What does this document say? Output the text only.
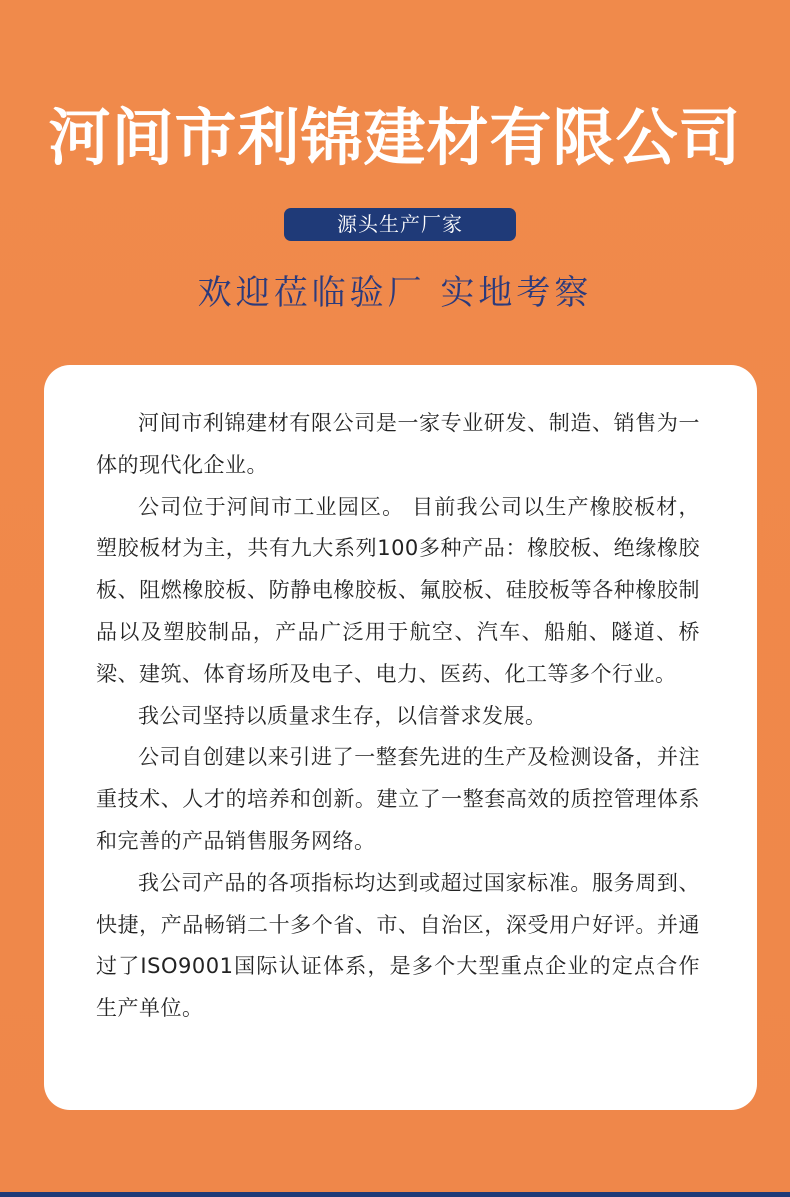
河间市利锦建材有限公司
源头生产厂家
欢迎莅临验厂 实地考察

河间市利锦建材有限公司是一家专业研发、制造、销售为一体的现代化企业。

公司位于河间市工业园区。 目前我公司以生产橡胶板材，塑胶板材为主，共有九大系列100多种产品：橡胶板、绝缘橡胶板、阻燃橡胶板、防静电橡胶板、氟胶板、硅胶板等各种橡胶制品以及塑胶制品，产品广泛用于航空、汽车、船舶、隧道、桥梁、建筑、体育场所及电子、电力、医药、化工等多个行业。

我公司坚持以质量求生存，以信誉求发展。

公司自创建以来引进了一整套先进的生产及检测设备，并注重技术、人才的培养和创新。建立了一整套高效的质控管理体系和完善的产品销售服务网络。

我公司产品的各项指标均达到或超过国家标准。服务周到、快捷，产品畅销二十多个省、市、自治区，深受用户好评。并通过了ISO9001国际认证体系，是多个大型重点企业的定点合作生产单位。
